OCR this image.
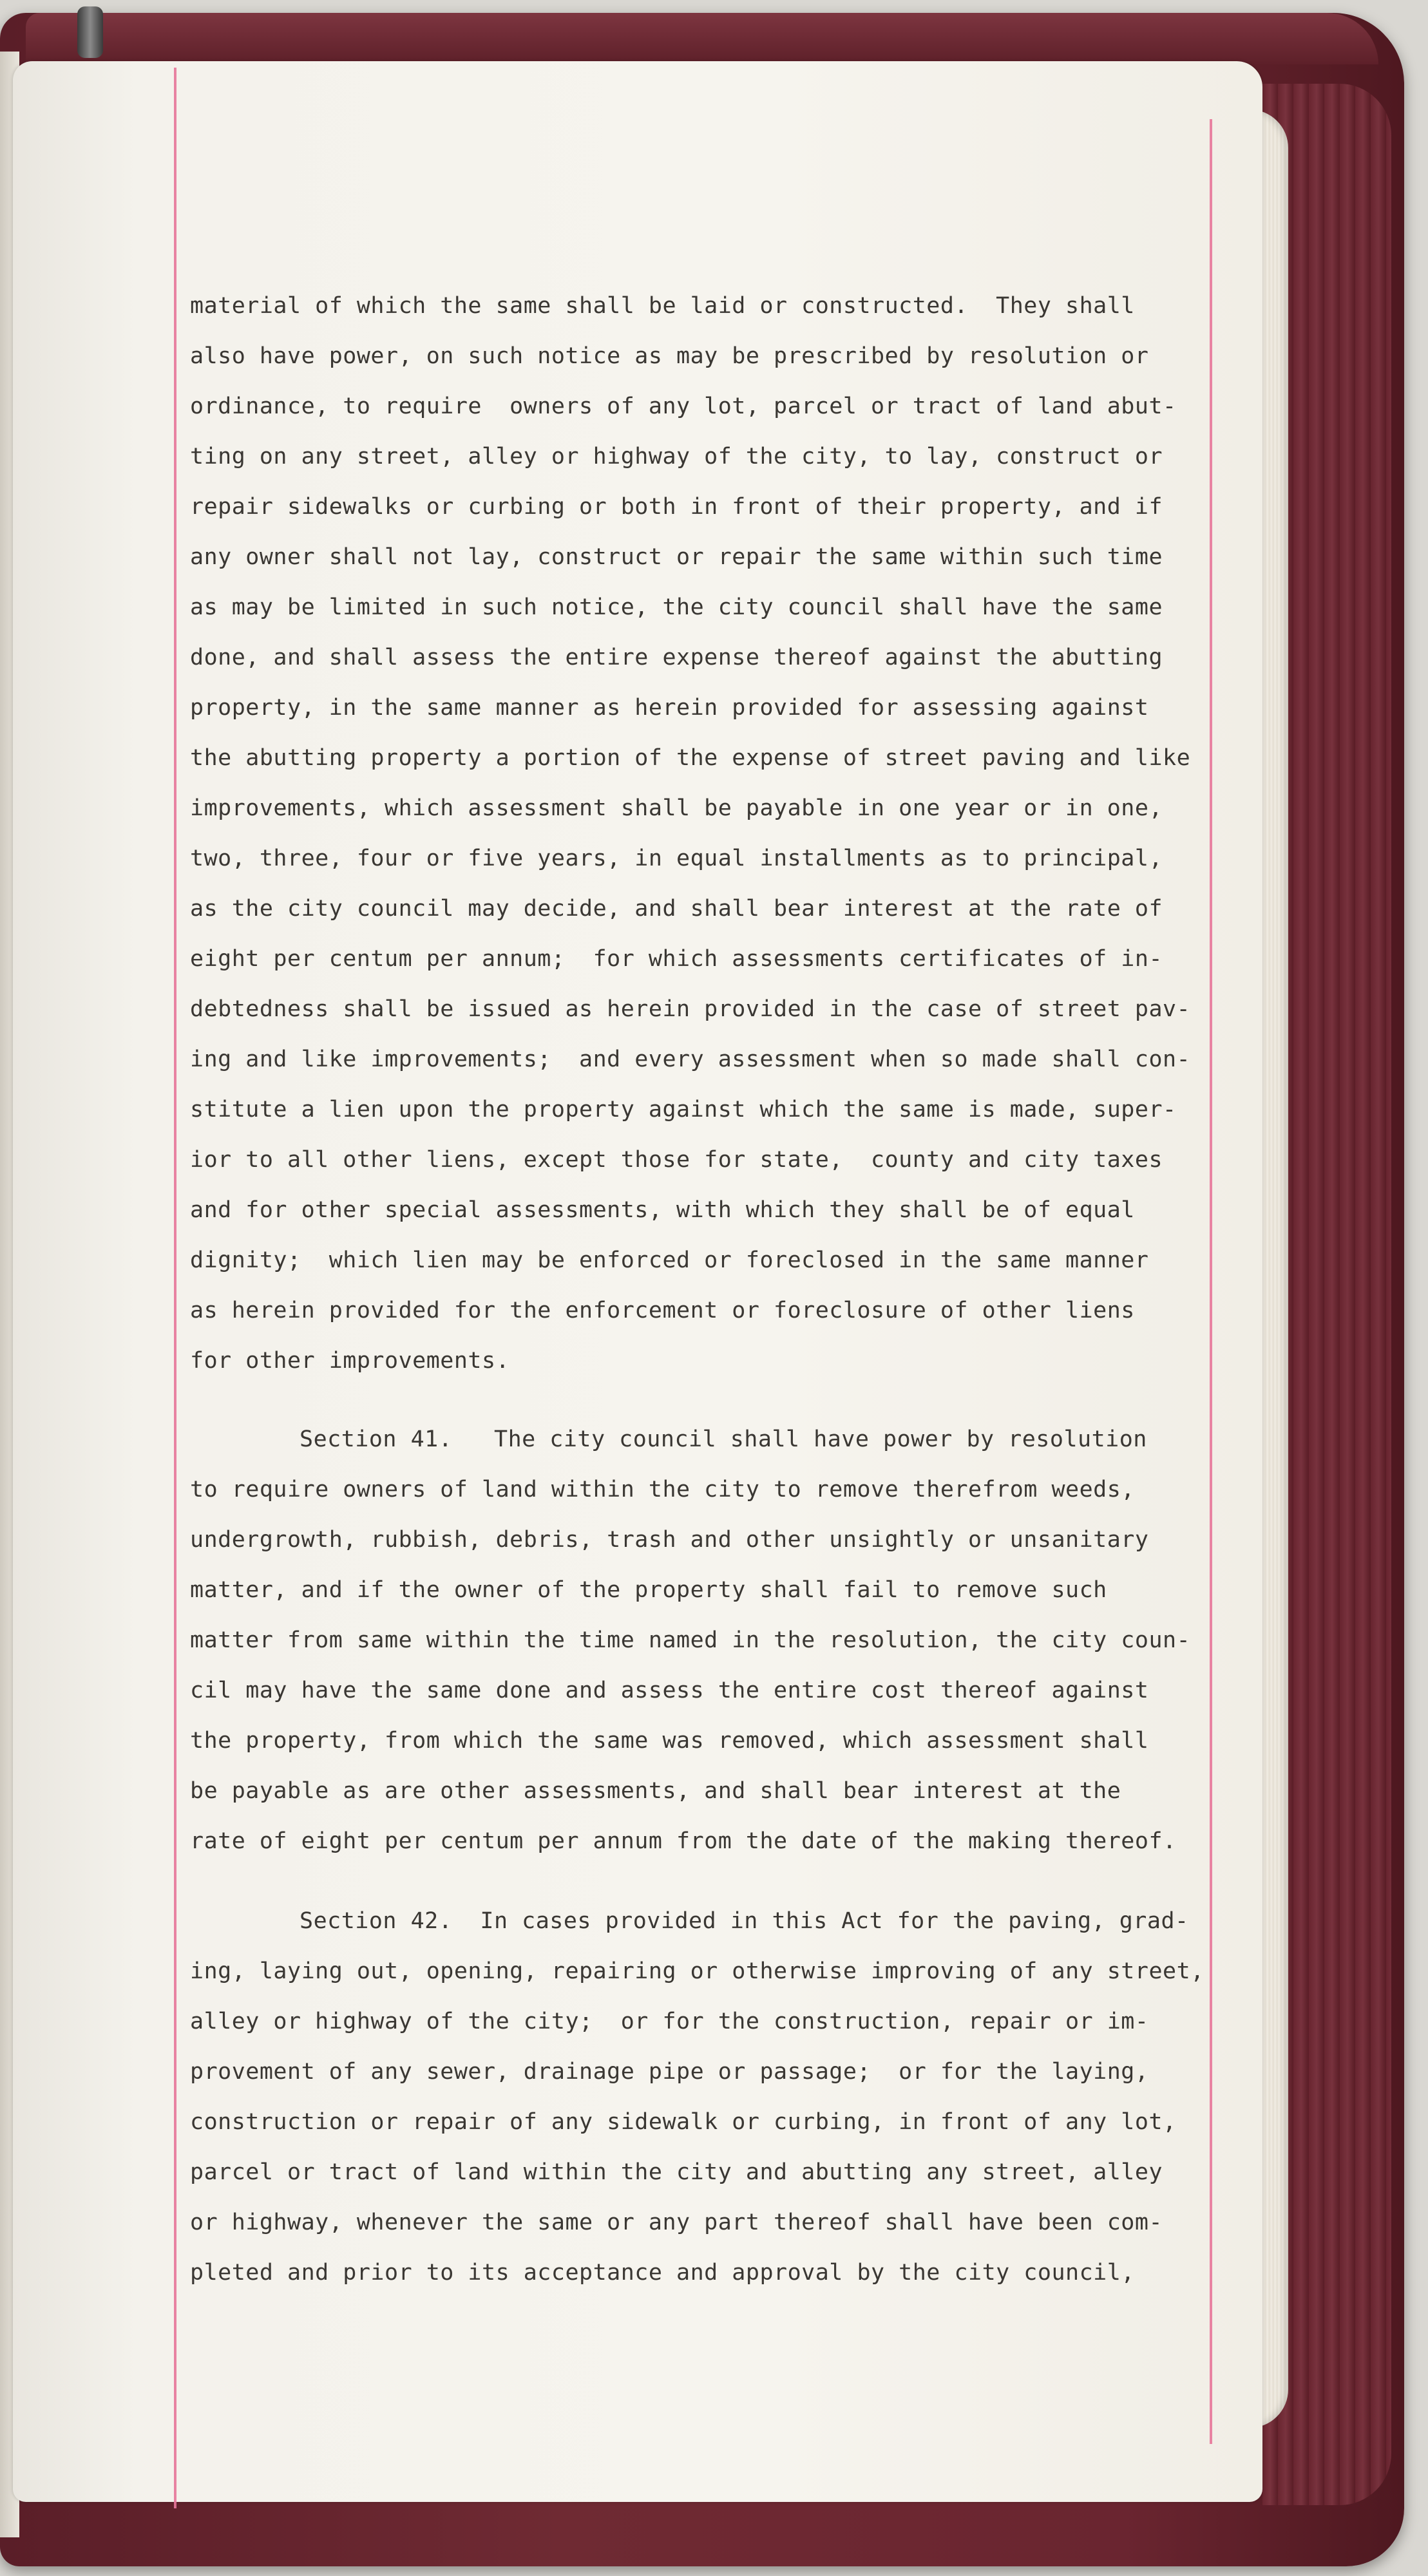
material of which the same shall be laid or constructed.  They shall

also have power, on such notice as may be prescribed by resolution or

ordinance, to require  owners of any lot, parcel or tract of land abut-

ting on any street, alley or highway of the city, to lay, construct or

repair sidewalks or curbing or both in front of their property, and if

any owner shall not lay, construct or repair the same within such time

as may be limited in such notice, the city council shall have the same

done, and shall assess the entire expense thereof against the abutting

property, in the same manner as herein provided for assessing against

the abutting property a portion of the expense of street paving and like

improvements, which assessment shall be payable in one year or in one,

two, three, four or five years, in equal installments as to principal,

as the city council may decide, and shall bear interest at the rate of

eight per centum per annum;  for which assessments certificates of in-

debtedness shall be issued as herein provided in the case of street pav-

ing and like improvements;  and every assessment when so made shall con-

stitute a lien upon the property against which the same is made, super-

ior to all other liens, except those for state,  county and city taxes

and for other special assessments, with which they shall be of equal

dignity;  which lien may be enforced or foreclosed in the same manner

as herein provided for the enforcement or foreclosure of other liens

for other improvements.

Section 41.   The city council shall have power by resolution

to require owners of land within the city to remove therefrom weeds,

undergrowth, rubbish, debris, trash and other unsightly or unsanitary

matter, and if the owner of the property shall fail to remove such

matter from same within the time named in the resolution, the city coun-

cil may have the same done and assess the entire cost thereof against

the property, from which the same was removed, which assessment shall

be payable as are other assessments, and shall bear interest at the

rate of eight per centum per annum from the date of the making thereof.

Section 42.  In cases provided in this Act for the paving, grad-

ing, laying out, opening, repairing or otherwise improving of any street,

alley or highway of the city;  or for the construction, repair or im-

provement of any sewer, drainage pipe or passage;  or for the laying,

construction or repair of any sidewalk or curbing, in front of any lot,

parcel or tract of land within the city and abutting any street, alley

or highway, whenever the same or any part thereof shall have been com-

pleted and prior to its acceptance and approval by the city council,
